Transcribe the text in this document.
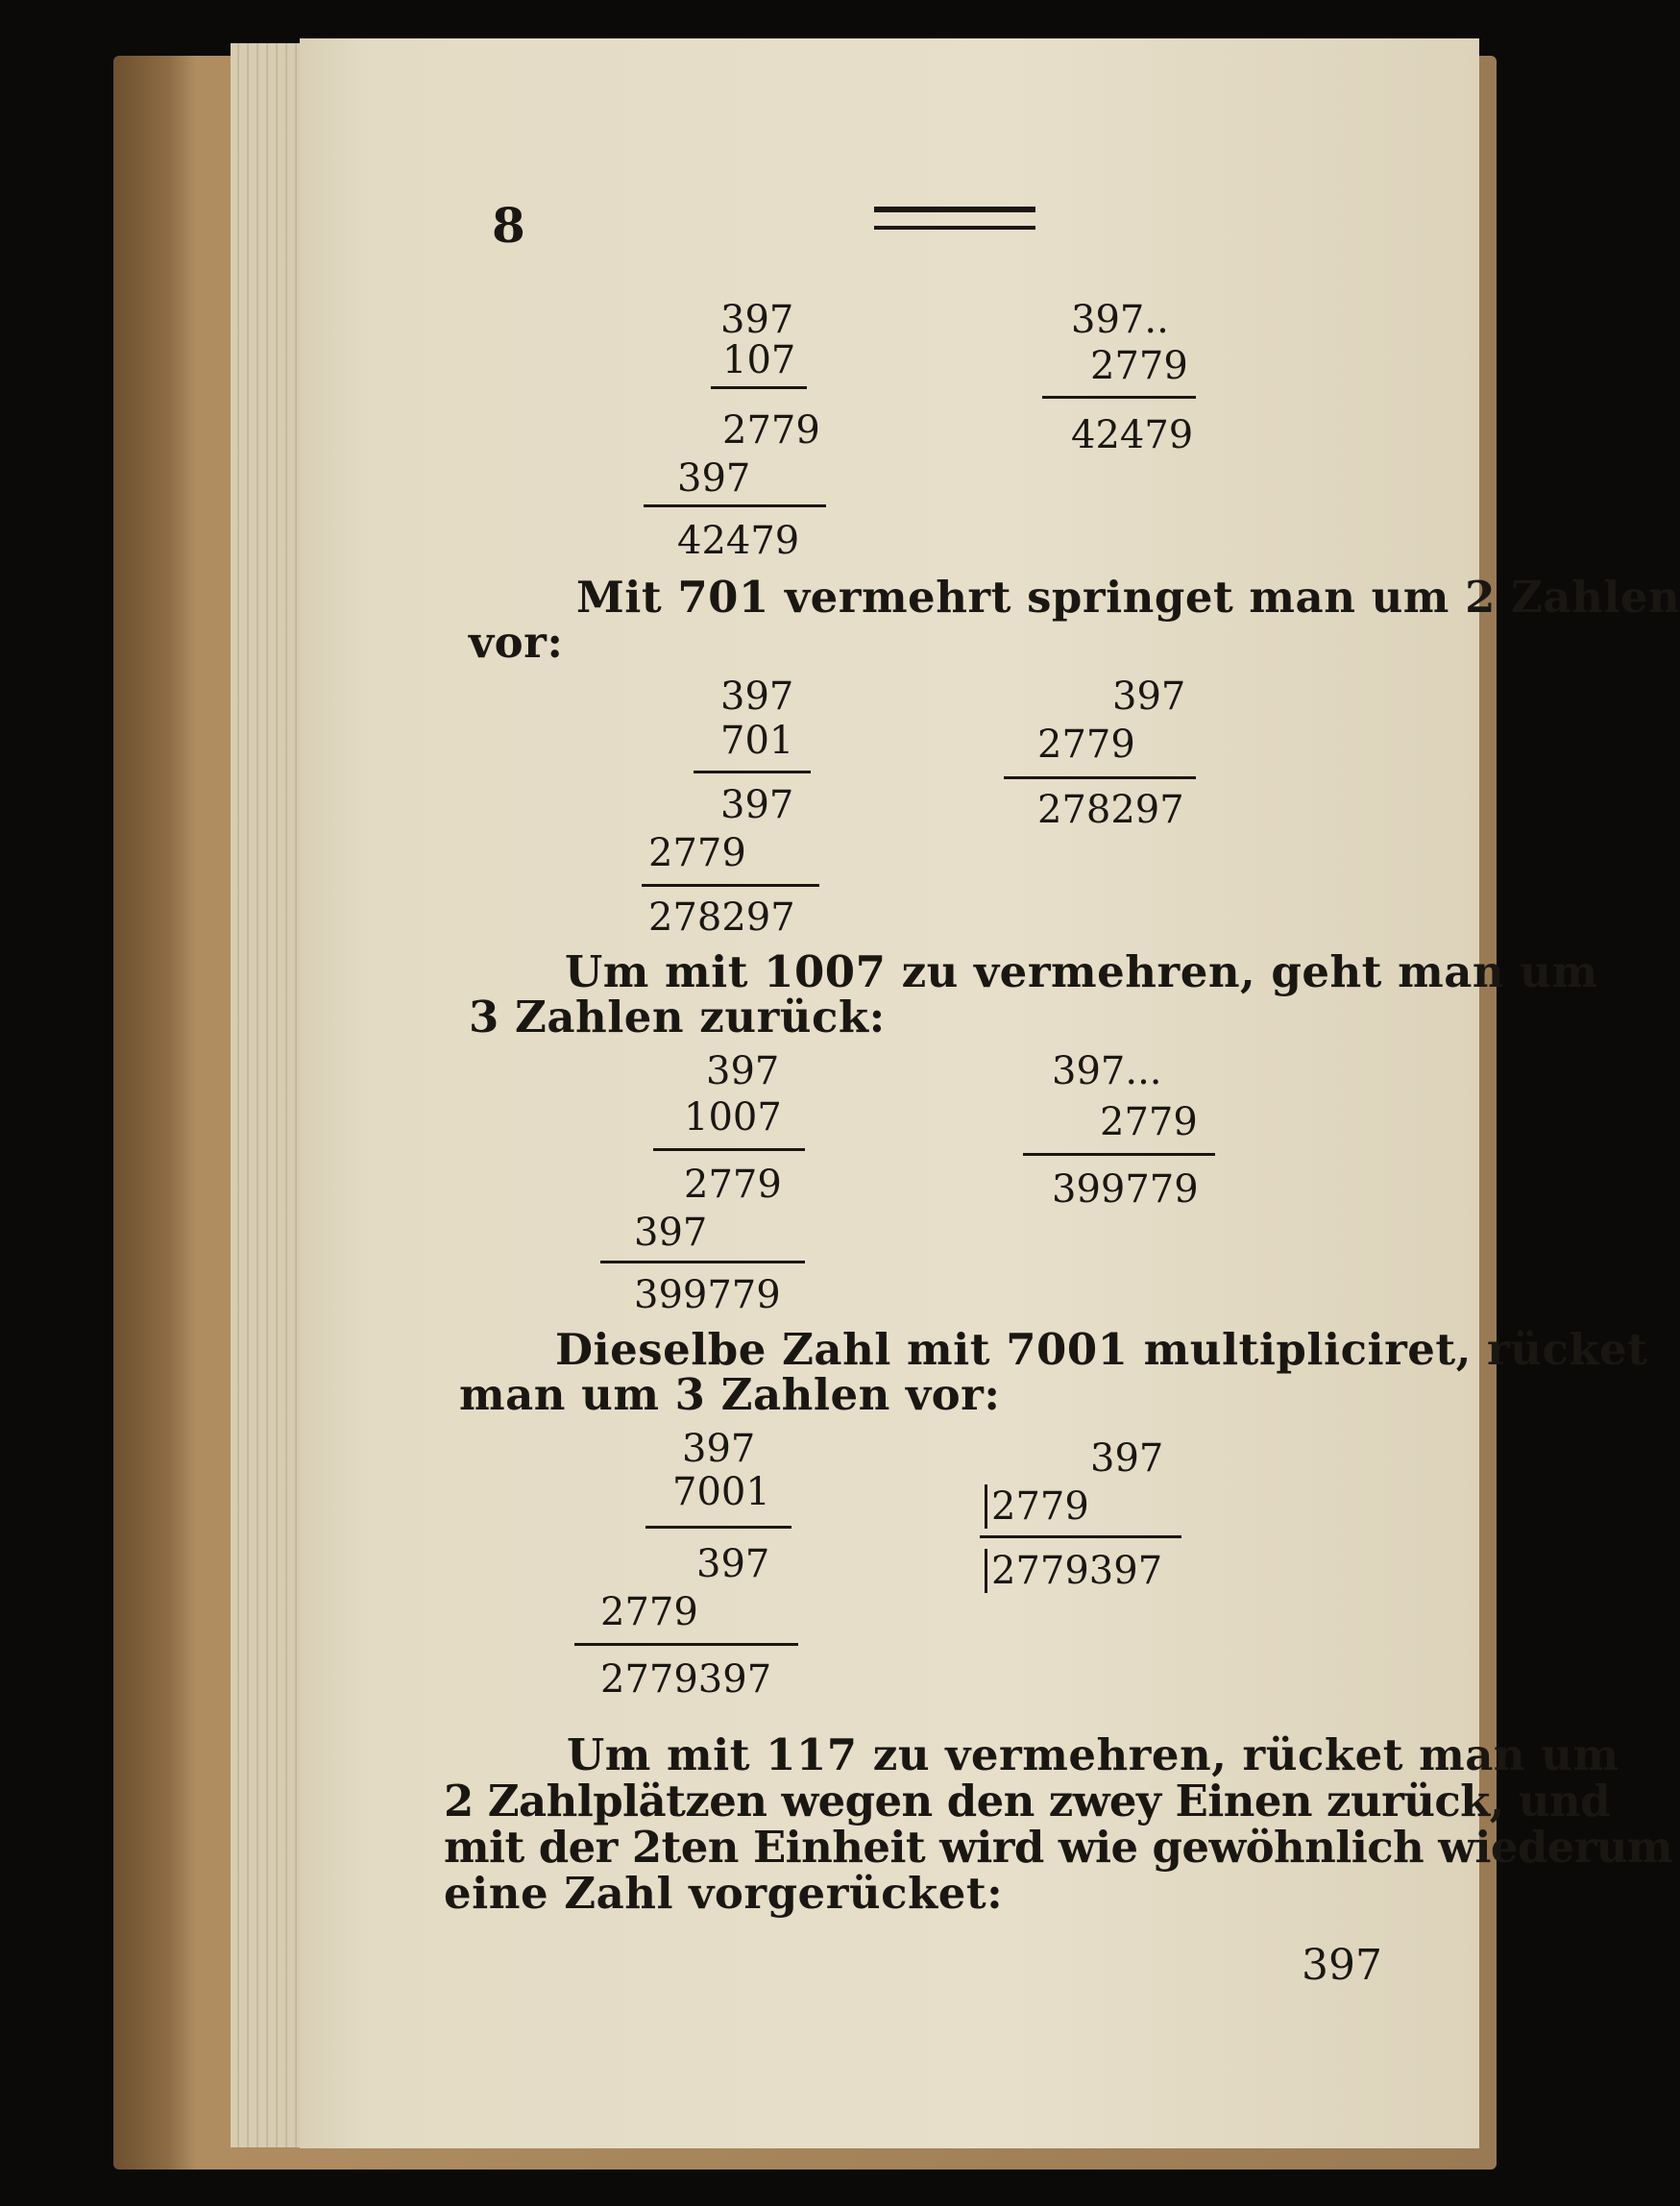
8
397
107
2779
397
42479
397..
2779
42479
Mit 701 vermehrt springet man um 2 Zahlen
vor:
397
701
397
2779
278297
397
2779
278297
Um mit 1007 zu vermehren, geht man um
3 Zahlen zurück:
397
1007
2779
397
399779
397...
2779
399779
Dieselbe Zahl mit 7001 multipliciret, rücket
man um 3 Zahlen vor:
397
7001
397
2779
2779397
397
2779
2779397
Um mit 117 zu vermehren, rücket man um
2 Zahlplätzen wegen den zwey Einen zurück, und
mit der 2ten Einheit wird wie gewöhnlich wiederum
eine Zahl vorgerücket:
397
